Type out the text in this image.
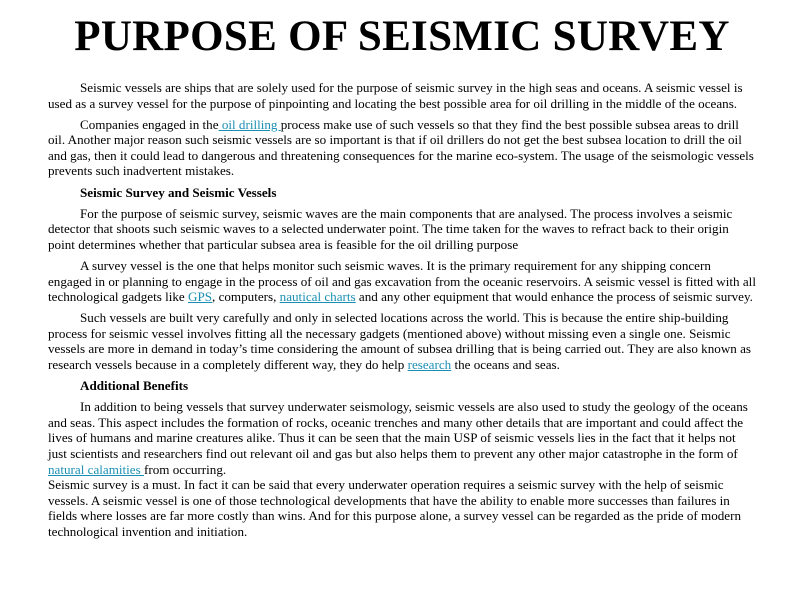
PURPOSE OF SEISMIC SURVEY

Seismic vessels are ships that are solely used for the purpose of seismic survey in the high seas and oceans. A seismic vessel is used as a survey vessel for the purpose of pinpointing and locating the best possible area for oil drilling in the middle of the oceans.

Companies engaged in the oil drilling process make use of such vessels so that they find the best possible subsea areas to drill oil. Another major reason such seismic vessels are so important is that if oil drillers do not get the best subsea location to drill the oil and gas, then it could lead to dangerous and threatening consequences for the marine eco-system. The usage of the seismologic vessels prevents such inadvertent mistakes.

Seismic Survey and Seismic Vessels

For the purpose of seismic survey, seismic waves are the main components that are analysed. The process involves a seismic detector that shoots such seismic waves to a selected underwater point. The time taken for the waves to refract back to their origin point determines whether that particular subsea area is feasible for the oil drilling purpose

A survey vessel is the one that helps monitor such seismic waves. It is the primary requirement for any shipping concern engaged in or planning to engage in the process of oil and gas excavation from the oceanic reservoirs. A seismic vessel is fitted with all technological gadgets like GPS, computers, nautical charts and any other equipment that would enhance the process of seismic survey.

Such vessels are built very carefully and only in selected locations across the world. This is because the entire ship-building process for seismic vessel involves fitting all the necessary gadgets (mentioned above) without missing even a single one. Seismic vessels are more in demand in today’s time considering the amount of subsea drilling that is being carried out. They are also known as research vessels because in a completely different way, they do help research the oceans and seas.

Additional Benefits

In addition to being vessels that survey underwater seismology, seismic vessels are also used to study the geology of the oceans and seas. This aspect includes the formation of rocks, oceanic trenches and many other details that are important and could affect the lives of humans and marine creatures alike. Thus it can be seen that the main USP of seismic vessels lies in the fact that it helps not just scientists and researchers find out relevant oil and gas but also helps them to prevent any other major catastrophe in the form of natural calamities from occurring.

Seismic survey is a must. In fact it can be said that every underwater operation requires a seismic survey with the help of seismic vessels. A seismic vessel is one of those technological developments that have the ability to enable more successes than failures in fields where losses are far more costly than wins. And for this purpose alone, a survey vessel can be regarded as the pride of modern technological invention and initiation.
